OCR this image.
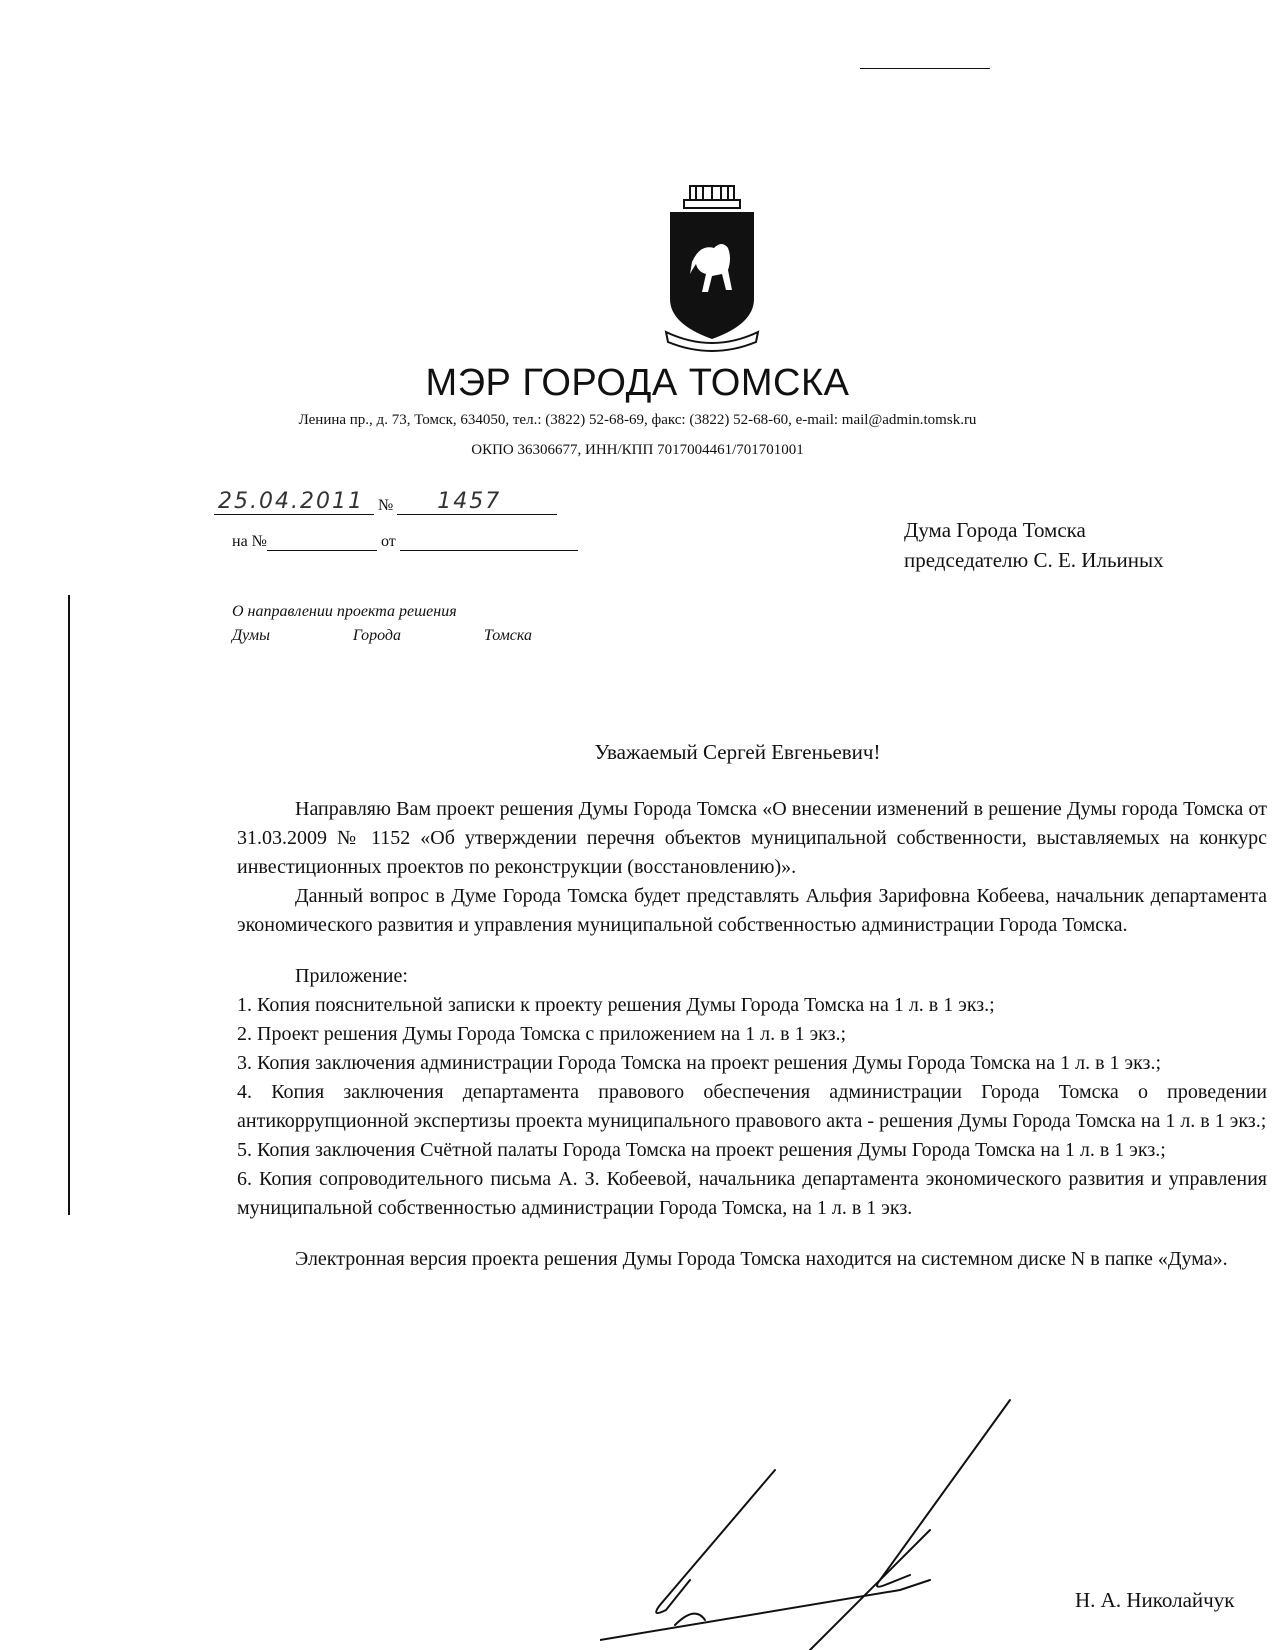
МЭР ГОРОДА ТОМСКА
Ленина пр., д. 73, Томск, 634050, тел.: (3822) 52-68-69, факс: (3822) 52-68-60, e-mail: mail@admin.tomsk.ru
ОКПО 36306677, ИНН/КПП 7017004461/701701001
25.04.2011 № 1457
на №	от	Дума Города Томска
председателю С. Е. Ильиных
О направлении проекта решения
Думы	Города	Томска
Уважаемый Сергей Евгеньевич!

Направляю Вам проект решения Думы Города Томска «О внесении изменений в решение Думы города Томска от 31.03.2009 № 1152 «Об утверждении перечня объектов муниципальной собственности, выставляемых на конкурс инвестиционных проектов по реконструкции (восстановлению)».

Данный вопрос в Думе Города Томска будет представлять Альфия Зарифовна Кобеева, начальник департамента экономического развития и управления муниципальной собственностью администрации Города Томска.

Приложение:

1. Копия пояснительной записки к проекту решения Думы Города Томска на 1 л. в 1 экз.;

2. Проект решения Думы Города Томска с приложением на 1 л. в 1 экз.;

3. Копия заключения администрации Города Томска на проект решения Думы Города Томска на 1 л. в 1 экз.;

4. Копия заключения департамента правового обеспечения администрации Города Томска о проведении антикоррупционной экспертизы проекта муниципального правового акта - решения Думы Города Томска на 1 л. в 1 экз.;

5. Копия заключения Счётной палаты Города Томска на проект решения Думы Города Томска на 1 л. в 1 экз.;

6. Копия сопроводительного письма А. З. Кобеевой, начальника департамента экономического развития и управления муниципальной собственностью администрации Города Томска, на 1 л. в 1 экз.

Электронная версия проекта решения Думы Города Томска находится на системном диске N в папке «Дума».

Н. А. Николайчук
